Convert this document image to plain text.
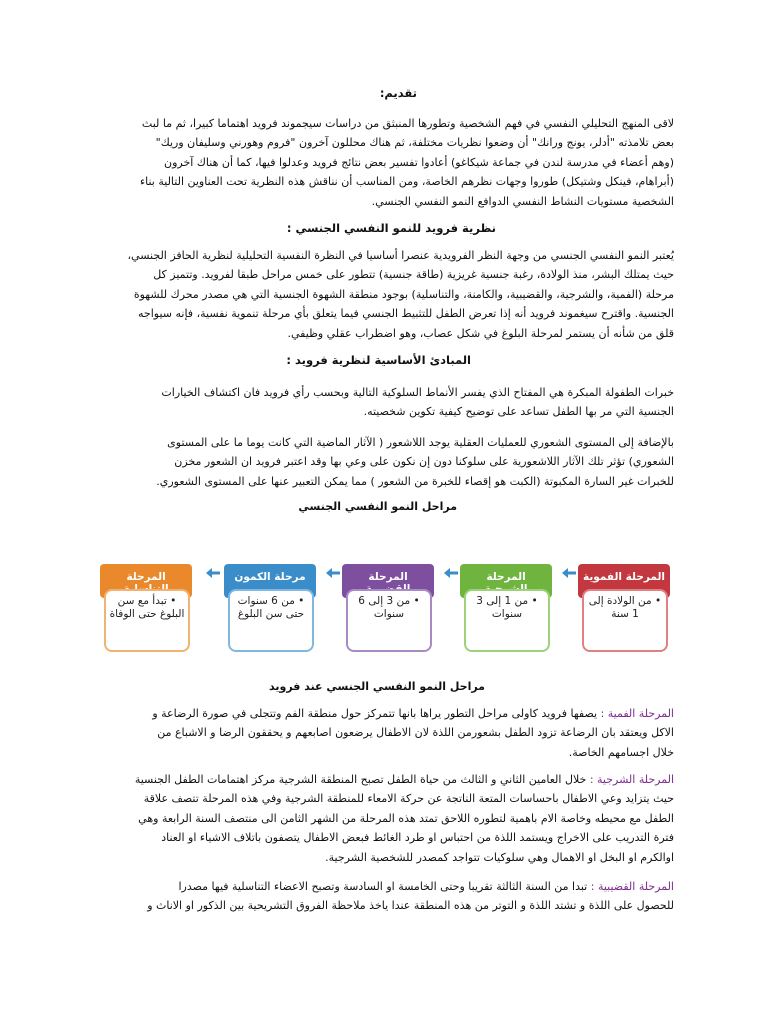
تقديم:
لاقى المنهج التحليلي النفسي في فهم الشخصية وتطورها المنبثق من دراسات سيجموند فرويد اهتماما كبيرا، ثم ما لبث
بعض تلامذته "أدلر، يونج ورانك" أن وضعوا نظريات مختلفة، ثم هناك محللون آخرون "فروم وهورني وسليفان وريك"
(وهم أعضاء في مدرسة لندن في جماعة شيكاغو) أعادوا تفسير بعض نتائج فرويد وعدلوا فيها، كما أن هناك آخرون
(أبراهام، فينكل وشتيكل) طوروا وجهات نظرهم الخاصة، ومن المناسب أن نناقش هذه النظرية تحت العناوين التالية بناء
الشخصية مستويات النشاط النفسي الدوافع النمو النفسي الجنسي.
نظرية فرويد للنمو النفسي الجنسي :
يُعتبر النمو النفسي الجنسي من وجهة النظر الفرويدية عنصرا أساسيا في النظرة النفسية التحليلية لنظرية الحافز الجنسي،
حيث يمتلك البشر، منذ الولادة، رغبة جنسية غريزية (طاقة جنسية) تتطور على خمس مراحل طبقا لفرويد. وتتميز كل
مرحلة (الفمية، والشرجية، والقضيبية، والكامنة، والتناسلية) بوجود منطقة الشهوة الجنسية التي هي مصدر محرك للشهوة
الجنسية. واقترح سيغموند فرويد أنه إذا تعرض الطفل للتثبيط الجنسي فيما يتعلق بأي مرحلة تنموية نفسية، فإنه سيواجه
قلق من شأنه أن يستمر لمرحلة البلوغ في شكل عصاب، وهو اضطراب عقلي وظيفي.
المبادئ الأساسية لنظرية فرويد :
خبرات الطفولة المبكرة هي المفتاح الذي يفسر الأنماط السلوكية التالية وبحسب رأي فرويد فان اكتشاف الخيارات
الجنسية التي مر بها الطفل تساعد على توضيح كيفية تكوين شخصيته.
بالإضافة إلى المستوى الشعوري للعمليات العقلية يوجد اللاشعور ( الآثار الماضية التي كانت يوما ما على المستوى
الشعوري) تؤثر تلك الآثار اللاشعورية على سلوكنا دون إن نكون على وعي بها وقد اعتبر فرويد ان الشعور مخزن
للخبرات غير السارة المكبوتة (الكبت هو إقصاء للخبرة من الشعور ) مما يمكن التعبير عنها على المستوى الشعوري.
مراحل النمو النفسي الجنسي
المرحلة الفموية
• من الولادة إلى 1 سنة
المرحلة
• من 1 إلى 3 سنوات
المرحلة
• من 3 إلى 6 سنوات
مرحلة الكمون
• من 6 سنوات حتى سن البلوغ
المرحلة
• تبدأ مع سن البلوغ حتى الوفاة
مراحل النمو النفسي الجنسي عند فرويد
المرحلة الفمية : يصفها فرويد كاولى مراحل التطور يراها بانها تتمركز حول منطقة الفم وتتجلى في صورة الرضاعة و
الاكل ويعتقد بان الرضاعة تزود الطفل بشعورمن اللذة لان الاطفال يرضعون اصابعهم و يحققون الرضا و الاشباع من
خلال اجسامهم الخاصة.
المرحلة الشرجية : خلال العامين الثاني و الثالث من حياة الطفل تصبح المنطقة الشرجية مركز اهتمامات الطفل الجنسية
حيث يتزايد وعي الاطفال باحساسات المتعة الناتجة عن حركة الامعاء للمنطقة الشرجية وفي هذه المرحلة تتصف علاقة
الطفل مع محيطه وخاصة الام باهمية لتطوره اللاحق تمتد هذه المرحلة من الشهر الثامن الى منتصف السنة الرابعة وهي
فترة التدريب على الاخراج ويستمد اللذة من احتباس او طرد الغائط فبعض الاطفال يتصفون باتلاف الاشياء او العناد
اوالكرم او البخل او الاهمال وهي سلوكيات تتواجد كمصدر للشخصية الشرجية.
المرحلة القضيبية : تبدا من السنة الثالثة تقريبا وحتى الخامسة او السادسة وتصبح الاعضاء التناسلية فيها مصدرا
للحصول على اللذة و تشتد اللذة و التوتر من هذه المنطقة عندا ياخذ ملاحظة الفروق التشريحية بين الذكور او الاناث و
